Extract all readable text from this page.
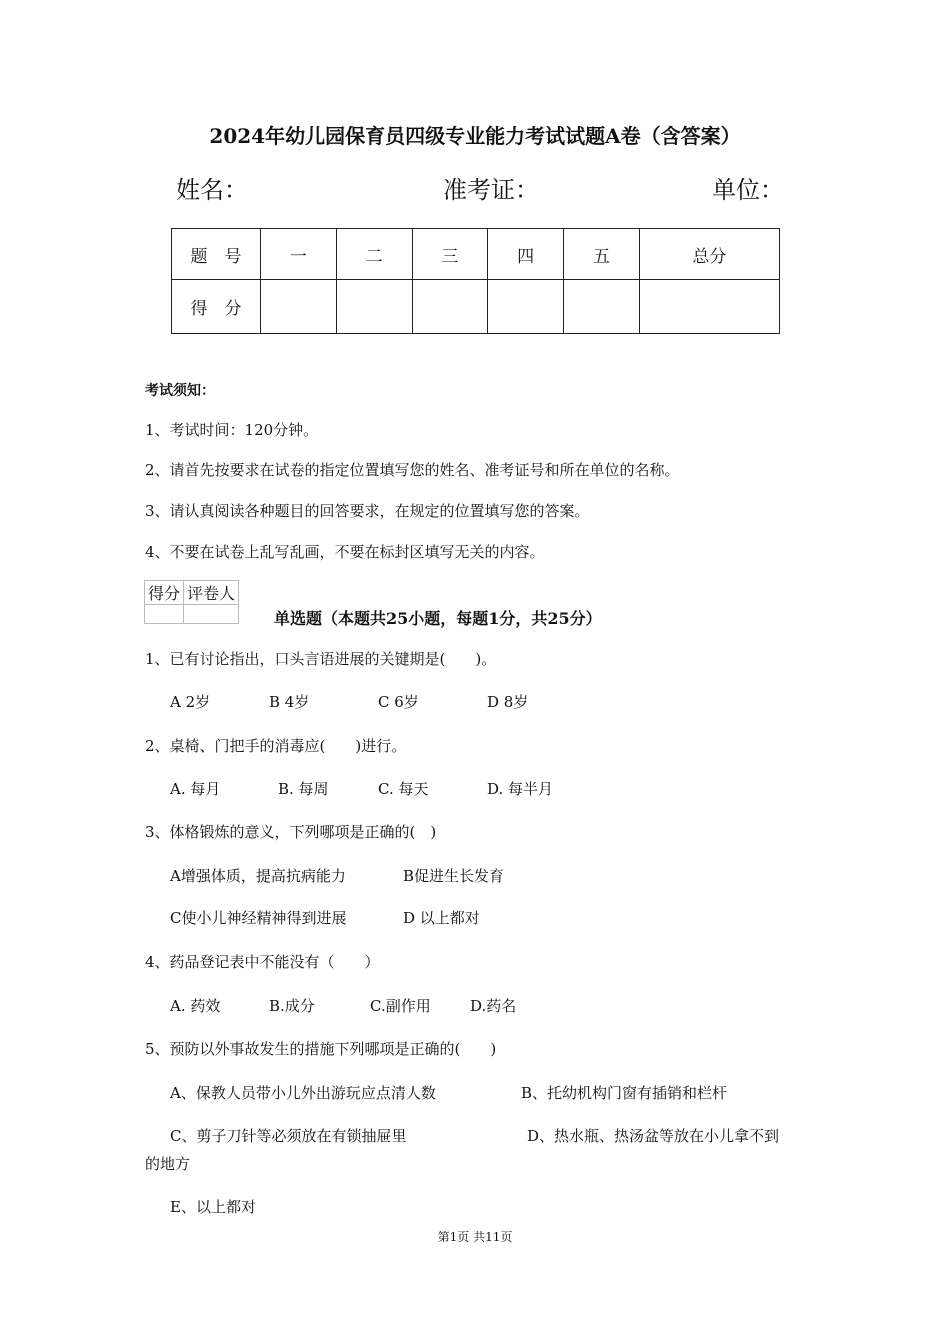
2024年幼儿园保育员四级专业能力考试试题A卷（含答案）
姓名：	准考证：	单位：
题　号	一	二	三	四	五	总分
得　分						
考试须知：
1、考试时间：120分钟。
2、请首先按要求在试卷的指定位置填写您的姓名、准考证号和所在单位的名称。
3、请认真阅读各种题目的回答要求，在规定的位置填写您的答案。
4、不要在试卷上乱写乱画，不要在标封区填写无关的内容。
得分	评卷人

单选题（本题共25小题，每题1分，共25分）
1、已有讨论指出，口头言语进展的关键期是(　　)。
A 2岁	B 4岁	C 6岁	D 8岁
2、桌椅、门把手的消毒应(　　)进行。
A. 每月	B. 每周	C. 每天	D. 每半月
3、体格锻炼的意义，下列哪项是正确的(　)
A增强体质，提高抗病能力	B促进生长发育
C使小儿神经精神得到进展	D 以上都对
4、药品登记表中不能没有（　　）
A. 药效	B.成分	C.副作用	D.药名
5、预防以外事故发生的措施下列哪项是正确的(　　)
A、保教人员带小儿外出游玩应点清人数	B、托幼机构门窗有插销和栏杆
C、剪子刀针等必须放在有锁抽屉里	D、热水瓶、热汤盆等放在小儿拿不到
的地方
E、以上都对
第1页 共11页
